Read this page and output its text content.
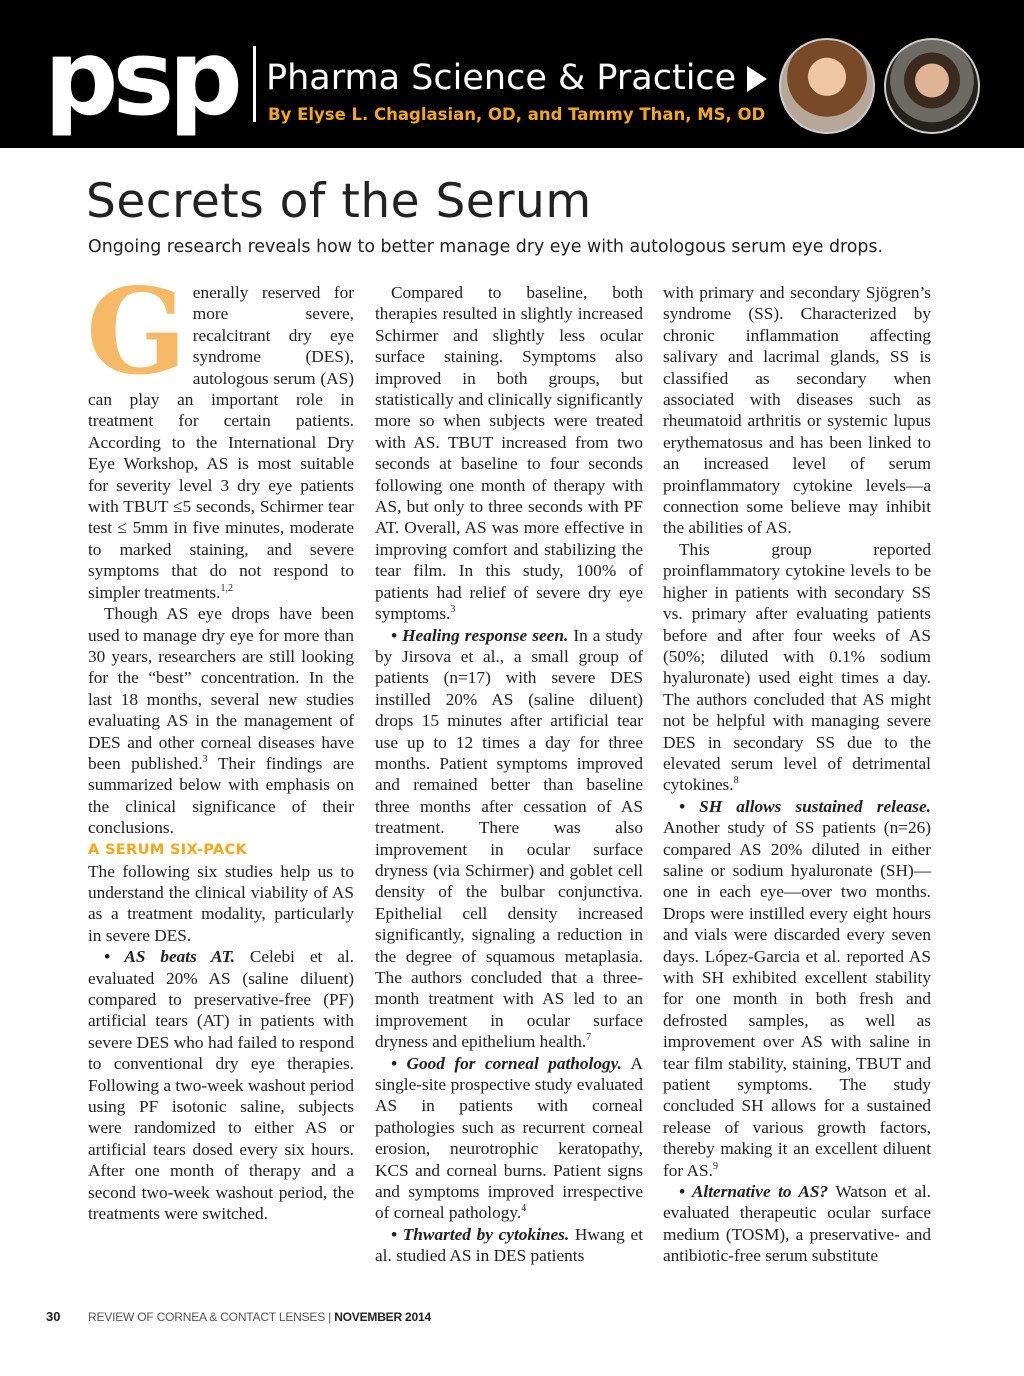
psp Pharma Science & Practice
By Elyse L. Chaglasian, OD, and Tammy Than, MS, OD
Secrets of the Serum
Ongoing research reveals how to better manage dry eye with autologous serum eye drops.

Generally reserved for more severe, recalcitrant dry eye syndrome (DES), autologous serum (AS) can play an important role in treatment for certain patients. According to the International Dry Eye Workshop, AS is most suitable for severity level 3 dry eye patients with TBUT ≤5 seconds, Schirmer tear test ≤ 5mm in five minutes, moderate to marked staining, and severe symptoms that do not respond to simpler treatments.$^{1,2}$

Though AS eye drops have been used to manage dry eye for more than 30 years, researchers are still looking for the “best” concentration. In the last 18 months, several new studies evaluating AS in the management of DES and other corneal diseases have been published.$^3$ Their findings are summarized below with emphasis on the clinical significance of their conclusions.

A SERUM SIX-PACK

The following six studies help us to understand the clinical viability of AS as a treatment modality, particularly in severe DES.

• AS beats AT. Celebi et al. evaluated 20% AS (saline diluent) compared to preservative-free (PF) artificial tears (AT) in patients with severe DES who had failed to respond to conventional dry eye therapies. Following a two-week washout period using PF isotonic saline, subjects were randomized to either AS or artificial tears dosed every six hours. After one month of therapy and a second two-week washout period, the treatments were switched.

Compared to baseline, both therapies resulted in slightly increased Schirmer and slightly less ocular surface staining. Symptoms also improved in both groups, but statistically and clinically significantly more so when subjects were treated with AS. TBUT increased from two seconds at baseline to four seconds following one month of therapy with AS, but only to three seconds with PF AT. Overall, AS was more effective in improving comfort and stabilizing the tear film. In this study, 100% of patients had relief of severe dry eye symptoms.$^3$

• Healing response seen. In a study by Jirsova et al., a small group of patients (n=17) with severe DES instilled 20% AS (saline diluent) drops 15 minutes after artificial tear use up to 12 times a day for three months. Patient symptoms improved and remained better than baseline three months after cessation of AS treatment. There was also improvement in ocular surface dryness (via Schirmer) and goblet cell density of the bulbar conjunctiva. Epithelial cell density increased significantly, signaling a reduction in the degree of squamous metaplasia. The authors concluded that a three-month treatment with AS led to an improvement in ocular surface dryness and epithelium health.$^7$

• Good for corneal pathology. A single-site prospective study evaluated AS in patients with corneal pathologies such as recurrent corneal erosion, neurotrophic keratopathy, KCS and corneal burns. Patient signs and symptoms improved irrespective of corneal pathology.$^4$

• Thwarted by cytokines. Hwang et al. studied AS in DES patients

with primary and secondary Sjögren’s syndrome (SS). Characterized by chronic inflammation affecting salivary and lacrimal glands, SS is classified as secondary when associated with diseases such as rheumatoid arthritis or systemic lupus erythematosus and has been linked to an increased level of serum proinflammatory cytokine levels—a connection some believe may inhibit the abilities of AS.

This group reported proinflammatory cytokine levels to be higher in patients with secondary SS vs. primary after evaluating patients before and after four weeks of AS (50%; diluted with 0.1% sodium hyaluronate) used eight times a day. The authors concluded that AS might not be helpful with managing severe DES in secondary SS due to the elevated serum level of detrimental cytokines.$^8$

• SH allows sustained release. Another study of SS patients (n=26) compared AS 20% diluted in either saline or sodium hyaluronate (SH)—one in each eye—over two months. Drops were instilled every eight hours and vials were discarded every seven days. López-Garcia et al. reported AS with SH exhibited excellent stability for one month in both fresh and defrosted samples, as well as improvement over AS with saline in tear film stability, staining, TBUT and patient symptoms. The study concluded SH allows for a sustained release of various growth factors, thereby making it an excellent diluent for AS.$^9$

• Alternative to AS? Watson et al. evaluated therapeutic ocular surface medium (TOSM), a preservative- and antibiotic-free serum substitute

30 REVIEW OF CORNEA & CONTACT LENSES | NOVEMBER 2014
